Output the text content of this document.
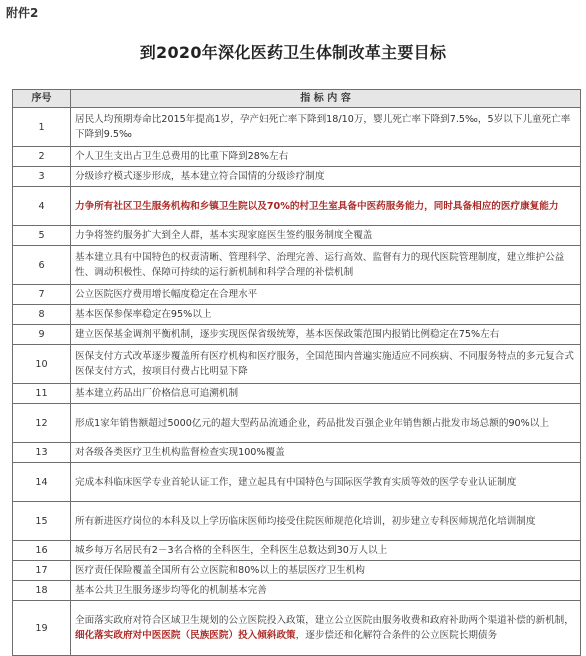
附件2
到2020年深化医药卫生体制改革主要目标
序号	指 标 内 容
1	居民人均预期寿命比2015年提高1岁，孕产妇死亡率下降到18/10万，婴儿死亡率下降到7.5‰，5岁以下儿童死亡率下降到9.5‰
2	个人卫生支出占卫生总费用的比重下降到28%左右
3	分级诊疗模式逐步形成，基本建立符合国情的分级诊疗制度
4	力争所有社区卫生服务机构和乡镇卫生院以及70%的村卫生室具备中医药服务能力，同时具备相应的医疗康复能力
5	力争将签约服务扩大到全人群，基本实现家庭医生签约服务制度全覆盖
6	基本建立具有中国特色的权责清晰、管理科学、治理完善、运行高效、监督有力的现代医院管理制度，建立维护公益性、调动积极性、保障可持续的运行新机制和科学合理的补偿机制
7	公立医院医疗费用增长幅度稳定在合理水平
8	基本医保参保率稳定在95%以上
9	建立医保基金调剂平衡机制，逐步实现医保省级统筹，基本医保政策范围内报销比例稳定在75%左右
10	医保支付方式改革逐步覆盖所有医疗机构和医疗服务，全国范围内普遍实施适应不同疾病、不同服务特点的多元复合式医保支付方式，按项目付费占比明显下降
11	基本建立药品出厂价格信息可追溯机制
12	形成1家年销售额超过5000亿元的超大型药品流通企业，药品批发百强企业年销售额占批发市场总额的90%以上
13	对各级各类医疗卫生机构监督检查实现100%覆盖
14	完成本科临床医学专业首轮认证工作，建立起具有中国特色与国际医学教育实质等效的医学专业认证制度
15	所有新进医疗岗位的本科及以上学历临床医师均接受住院医师规范化培训，初步建立专科医师规范化培训制度
16	城乡每万名居民有2－3名合格的全科医生，全科医生总数达到30万人以上
17	医疗责任保险覆盖全国所有公立医院和80%以上的基层医疗卫生机构
18	基本公共卫生服务逐步均等化的机制基本完善
19	全面落实政府对符合区域卫生规划的公立医院投入政策，建立公立医院由服务收费和政府补助两个渠道补偿的新机制，细化落实政府对中医医院（民族医院）投入倾斜政策，逐步偿还和化解符合条件的公立医院长期债务
